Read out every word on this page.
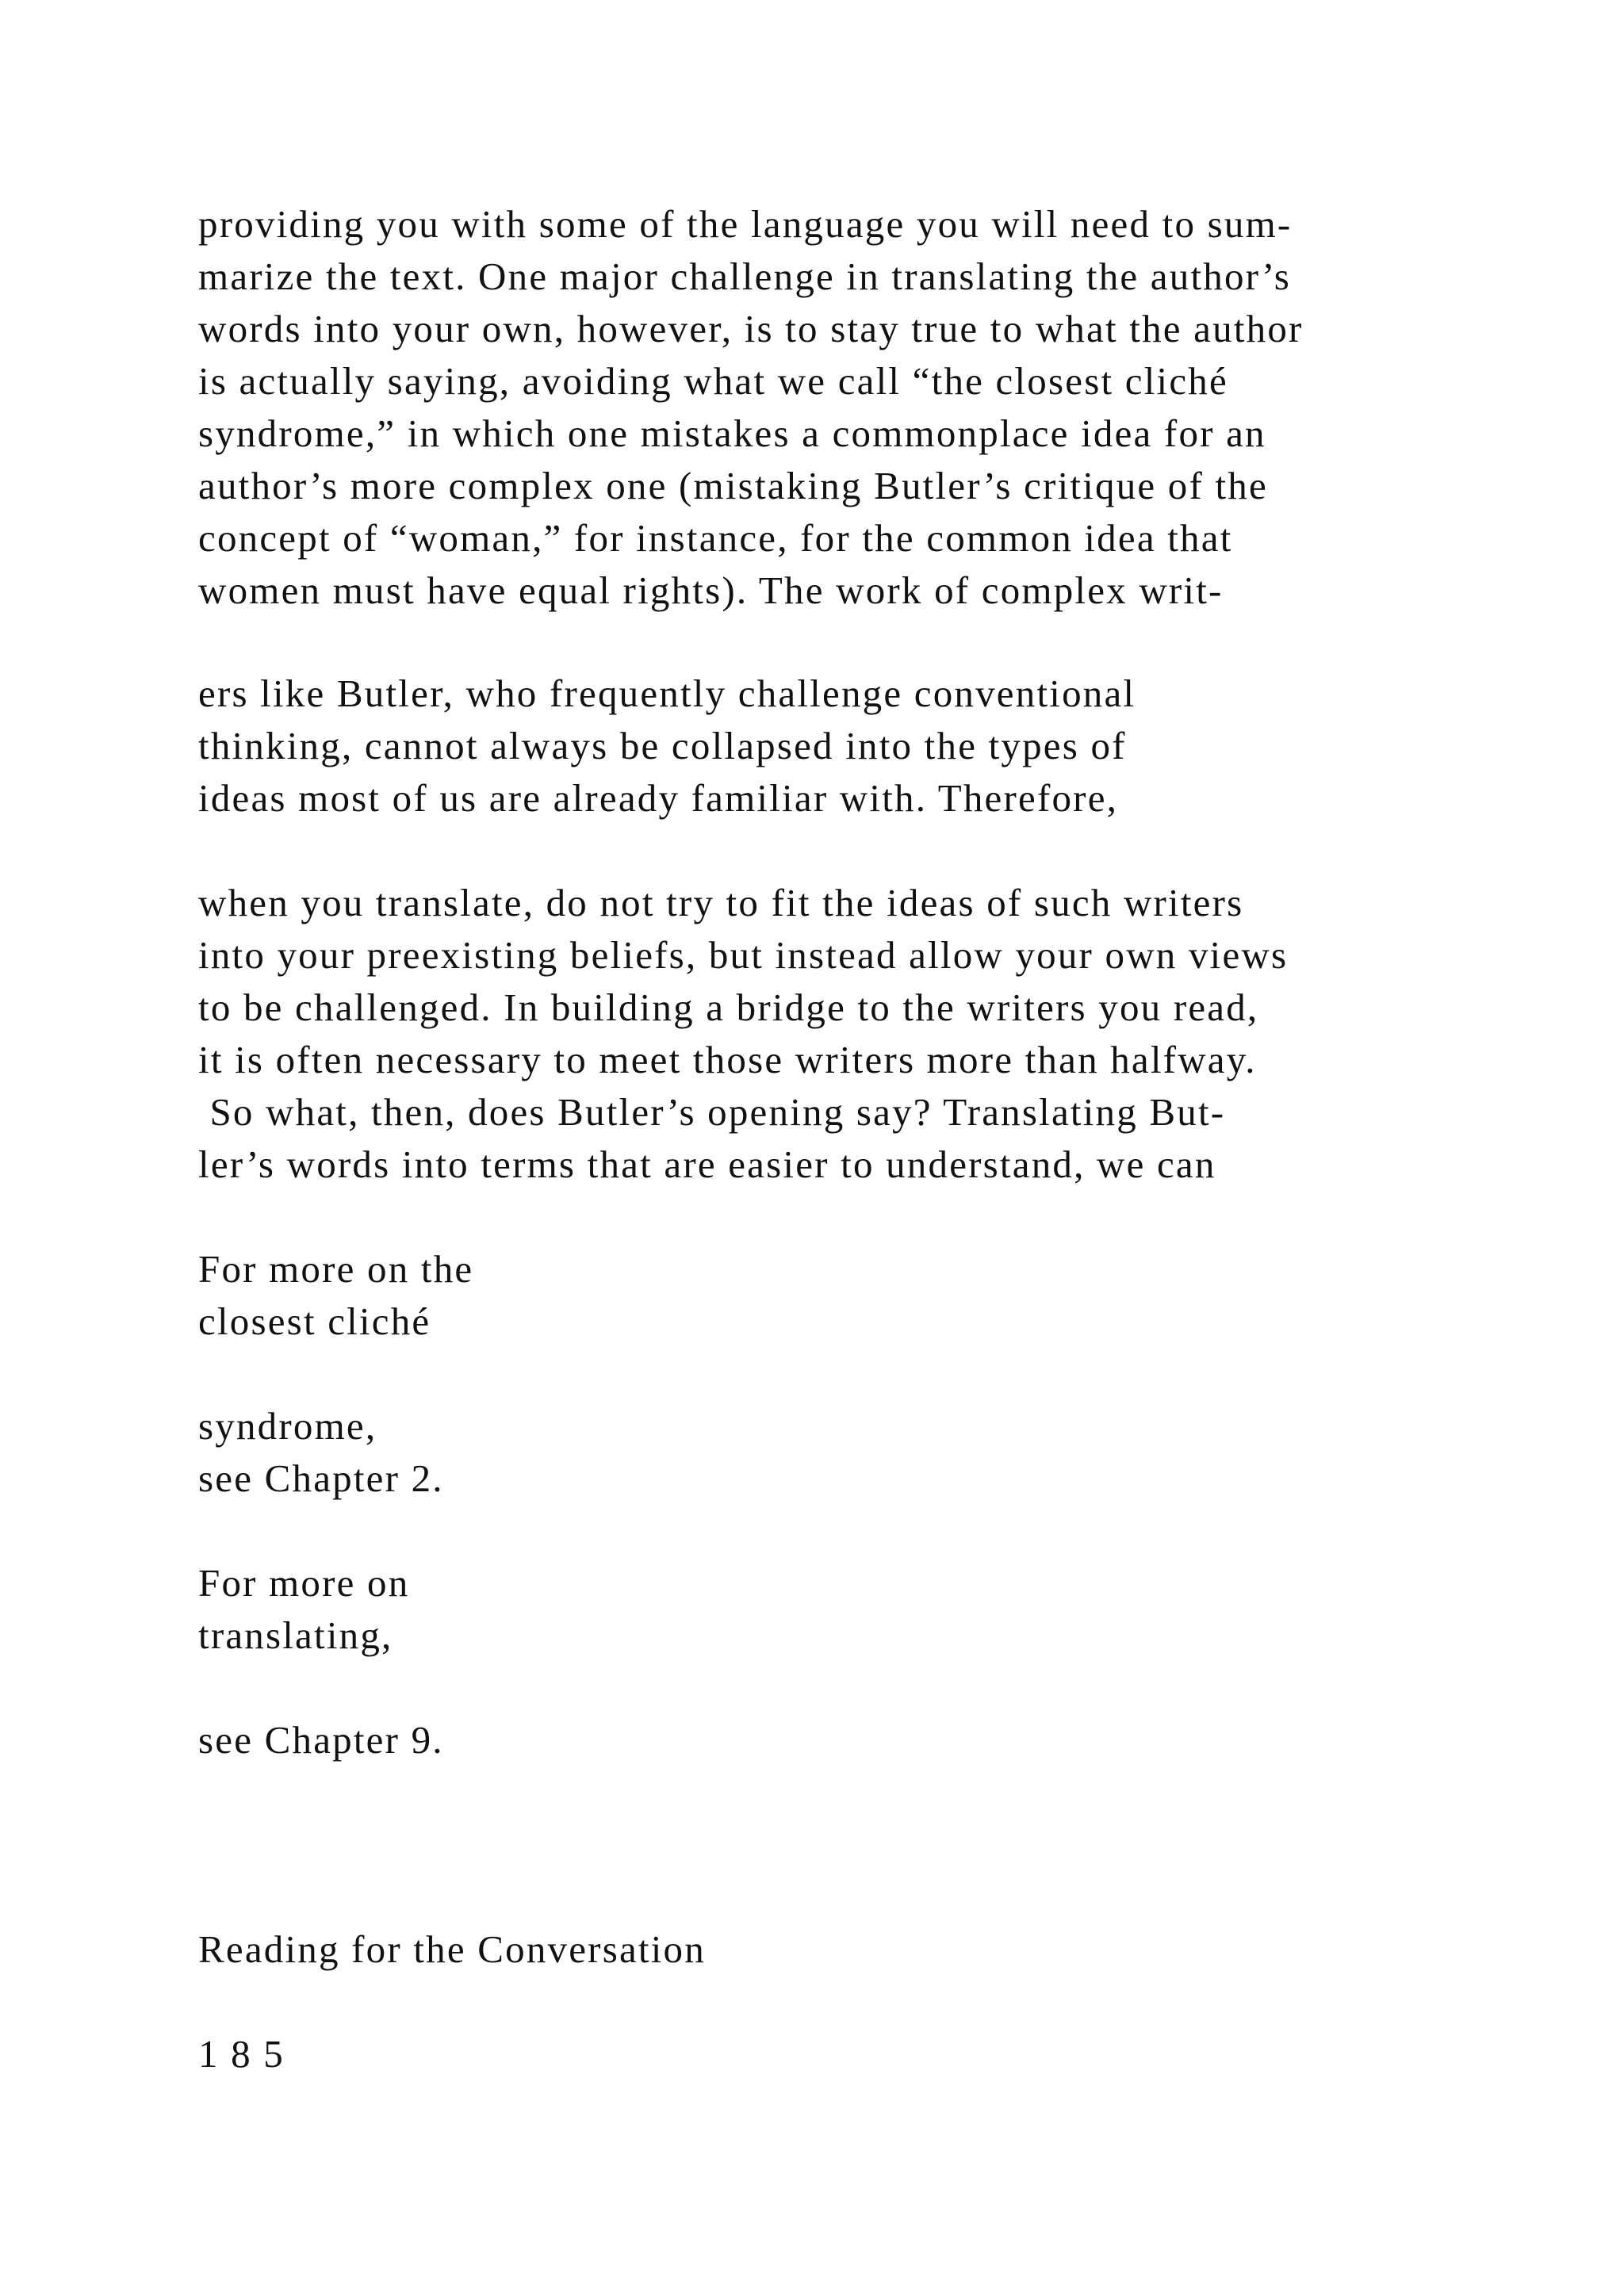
providing you with some of the language you will need to sum-
marize the text. One major challenge in translating the author’s
words into your own, however, is to stay true to what the author
is actually saying, avoiding what we call “the closest cliché
syndrome,” in which one mistakes a commonplace idea for an
author’s more complex one (mistaking Butler’s critique of the
concept of “woman,” for instance, for the common idea that
women must have equal rights). The work of complex writ-
ers like Butler, who frequently challenge conventional
thinking, cannot always be collapsed into the types of
ideas most of us are already familiar with. Therefore,
when you translate, do not try to fit the ideas of such writers
into your preexisting beliefs, but instead allow your own views
to be challenged. In building a bridge to the writers you read,
it is often necessary to meet those writers more than halfway.
So what, then, does Butler’s opening say? Translating But-
ler’s words into terms that are easier to understand, we can
For more on the
closest cliché
syndrome,
see Chapter 2.
For more on
translating,
see Chapter 9.
Reading for the Conversation
1 8 5
